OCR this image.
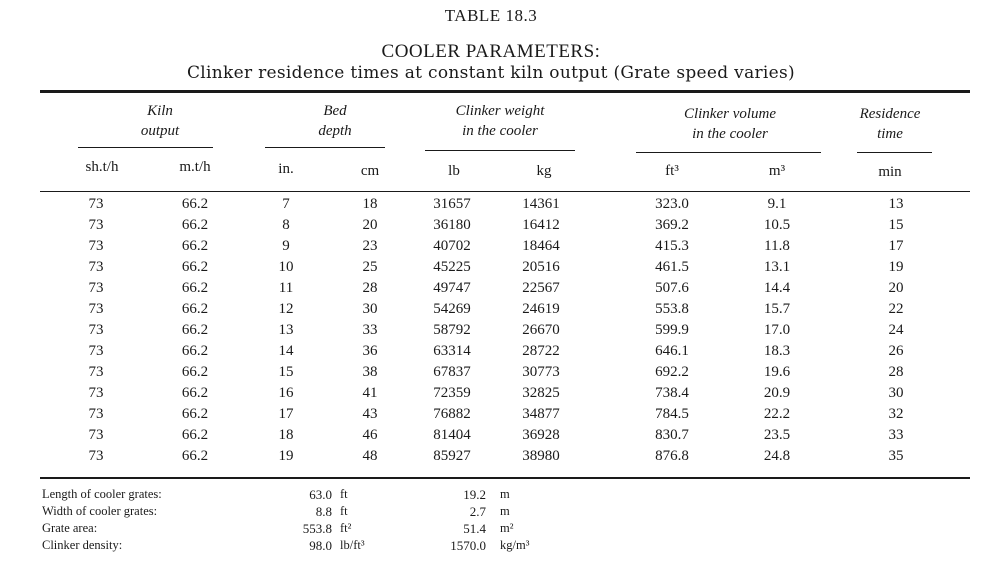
TABLE 18.3
COOLER PARAMETERS:
Clinker residence times at constant kiln output (Grate speed varies)
Kiln
output
Bed
depth
Clinker weight
in the cooler
Clinker volume
in the cooler
Residence
time
sh.t/h	m.t/h	in.	cm	lb	kg	ft³	m³	min
73	66.2	7	18	31657	14361	323.0	9.1	13
73	66.2	8	20	36180	16412	369.2	10.5	15
73	66.2	9	23	40702	18464	415.3	11.8	17
73	66.2	10	25	45225	20516	461.5	13.1	19
73	66.2	11	28	49747	22567	507.6	14.4	20
73	66.2	12	30	54269	24619	553.8	15.7	22
73	66.2	13	33	58792	26670	599.9	17.0	24
73	66.2	14	36	63314	28722	646.1	18.3	26
73	66.2	15	38	67837	30773	692.2	19.6	28
73	66.2	16	41	72359	32825	738.4	20.9	30
73	66.2	17	43	76882	34877	784.5	22.2	32
73	66.2	18	46	81404	36928	830.7	23.5	33
73	66.2	19	48	85927	38980	876.8	24.8	35
Length of cooler grates:	63.0 ft	19.2 m
Width of cooler grates:	8.8 ft	2.7 m
Grate area:	553.8 ft²	51.4 m²
Clinker density:	98.0 lb/ft³	1570.0 kg/m³
